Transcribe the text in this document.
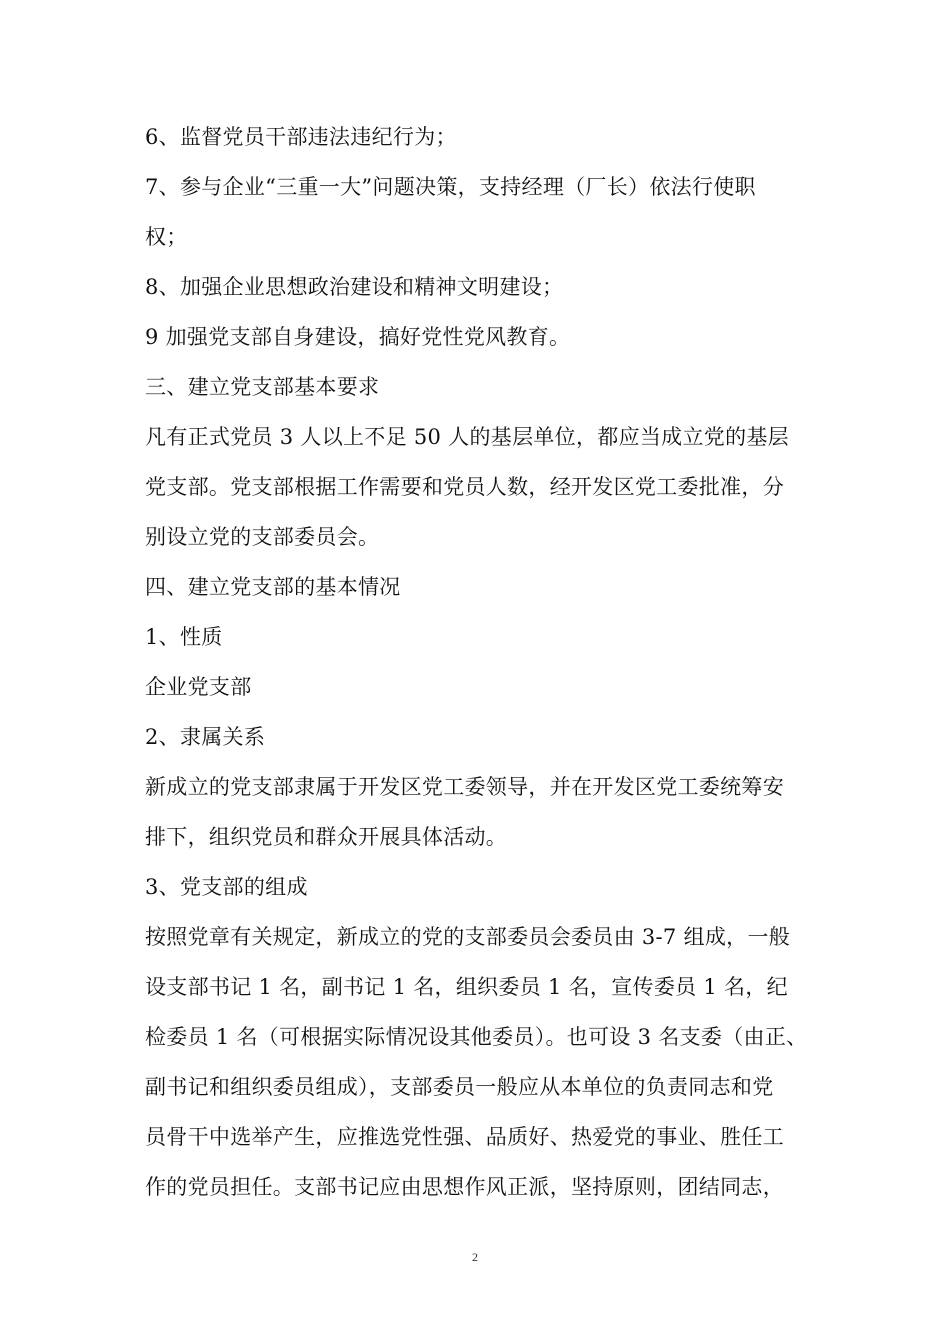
6、监督党员干部违法违纪行为；
7、参与企业“三重一大”问题决策，支持经理（厂长）依法行使职
权；
8、加强企业思想政治建设和精神文明建设；
9 加强党支部自身建设，搞好党性党风教育。
三、建立党支部基本要求
凡有正式党员 3 人以上不足 50 人的基层单位，都应当成立党的基层
党支部。党支部根据工作需要和党员人数，经开发区党工委批准，分
别设立党的支部委员会。
四、建立党支部的基本情况
1、性质
企业党支部
2、隶属关系
新成立的党支部隶属于开发区党工委领导，并在开发区党工委统筹安
排下，组织党员和群众开展具体活动。
3、党支部的组成
按照党章有关规定，新成立的党的支部委员会委员由 3-7 组成，一般
设支部书记 1 名，副书记 1 名，组织委员 1 名，宣传委员 1 名，纪
检委员 1 名（可根据实际情况设其他委员）。也可设 3 名支委（由正、
副书记和组织委员组成），支部委员一般应从本单位的负责同志和党
员骨干中选举产生，应推选党性强、品质好、热爱党的事业、胜任工
作的党员担任。支部书记应由思想作风正派，坚持原则，团结同志，
2
